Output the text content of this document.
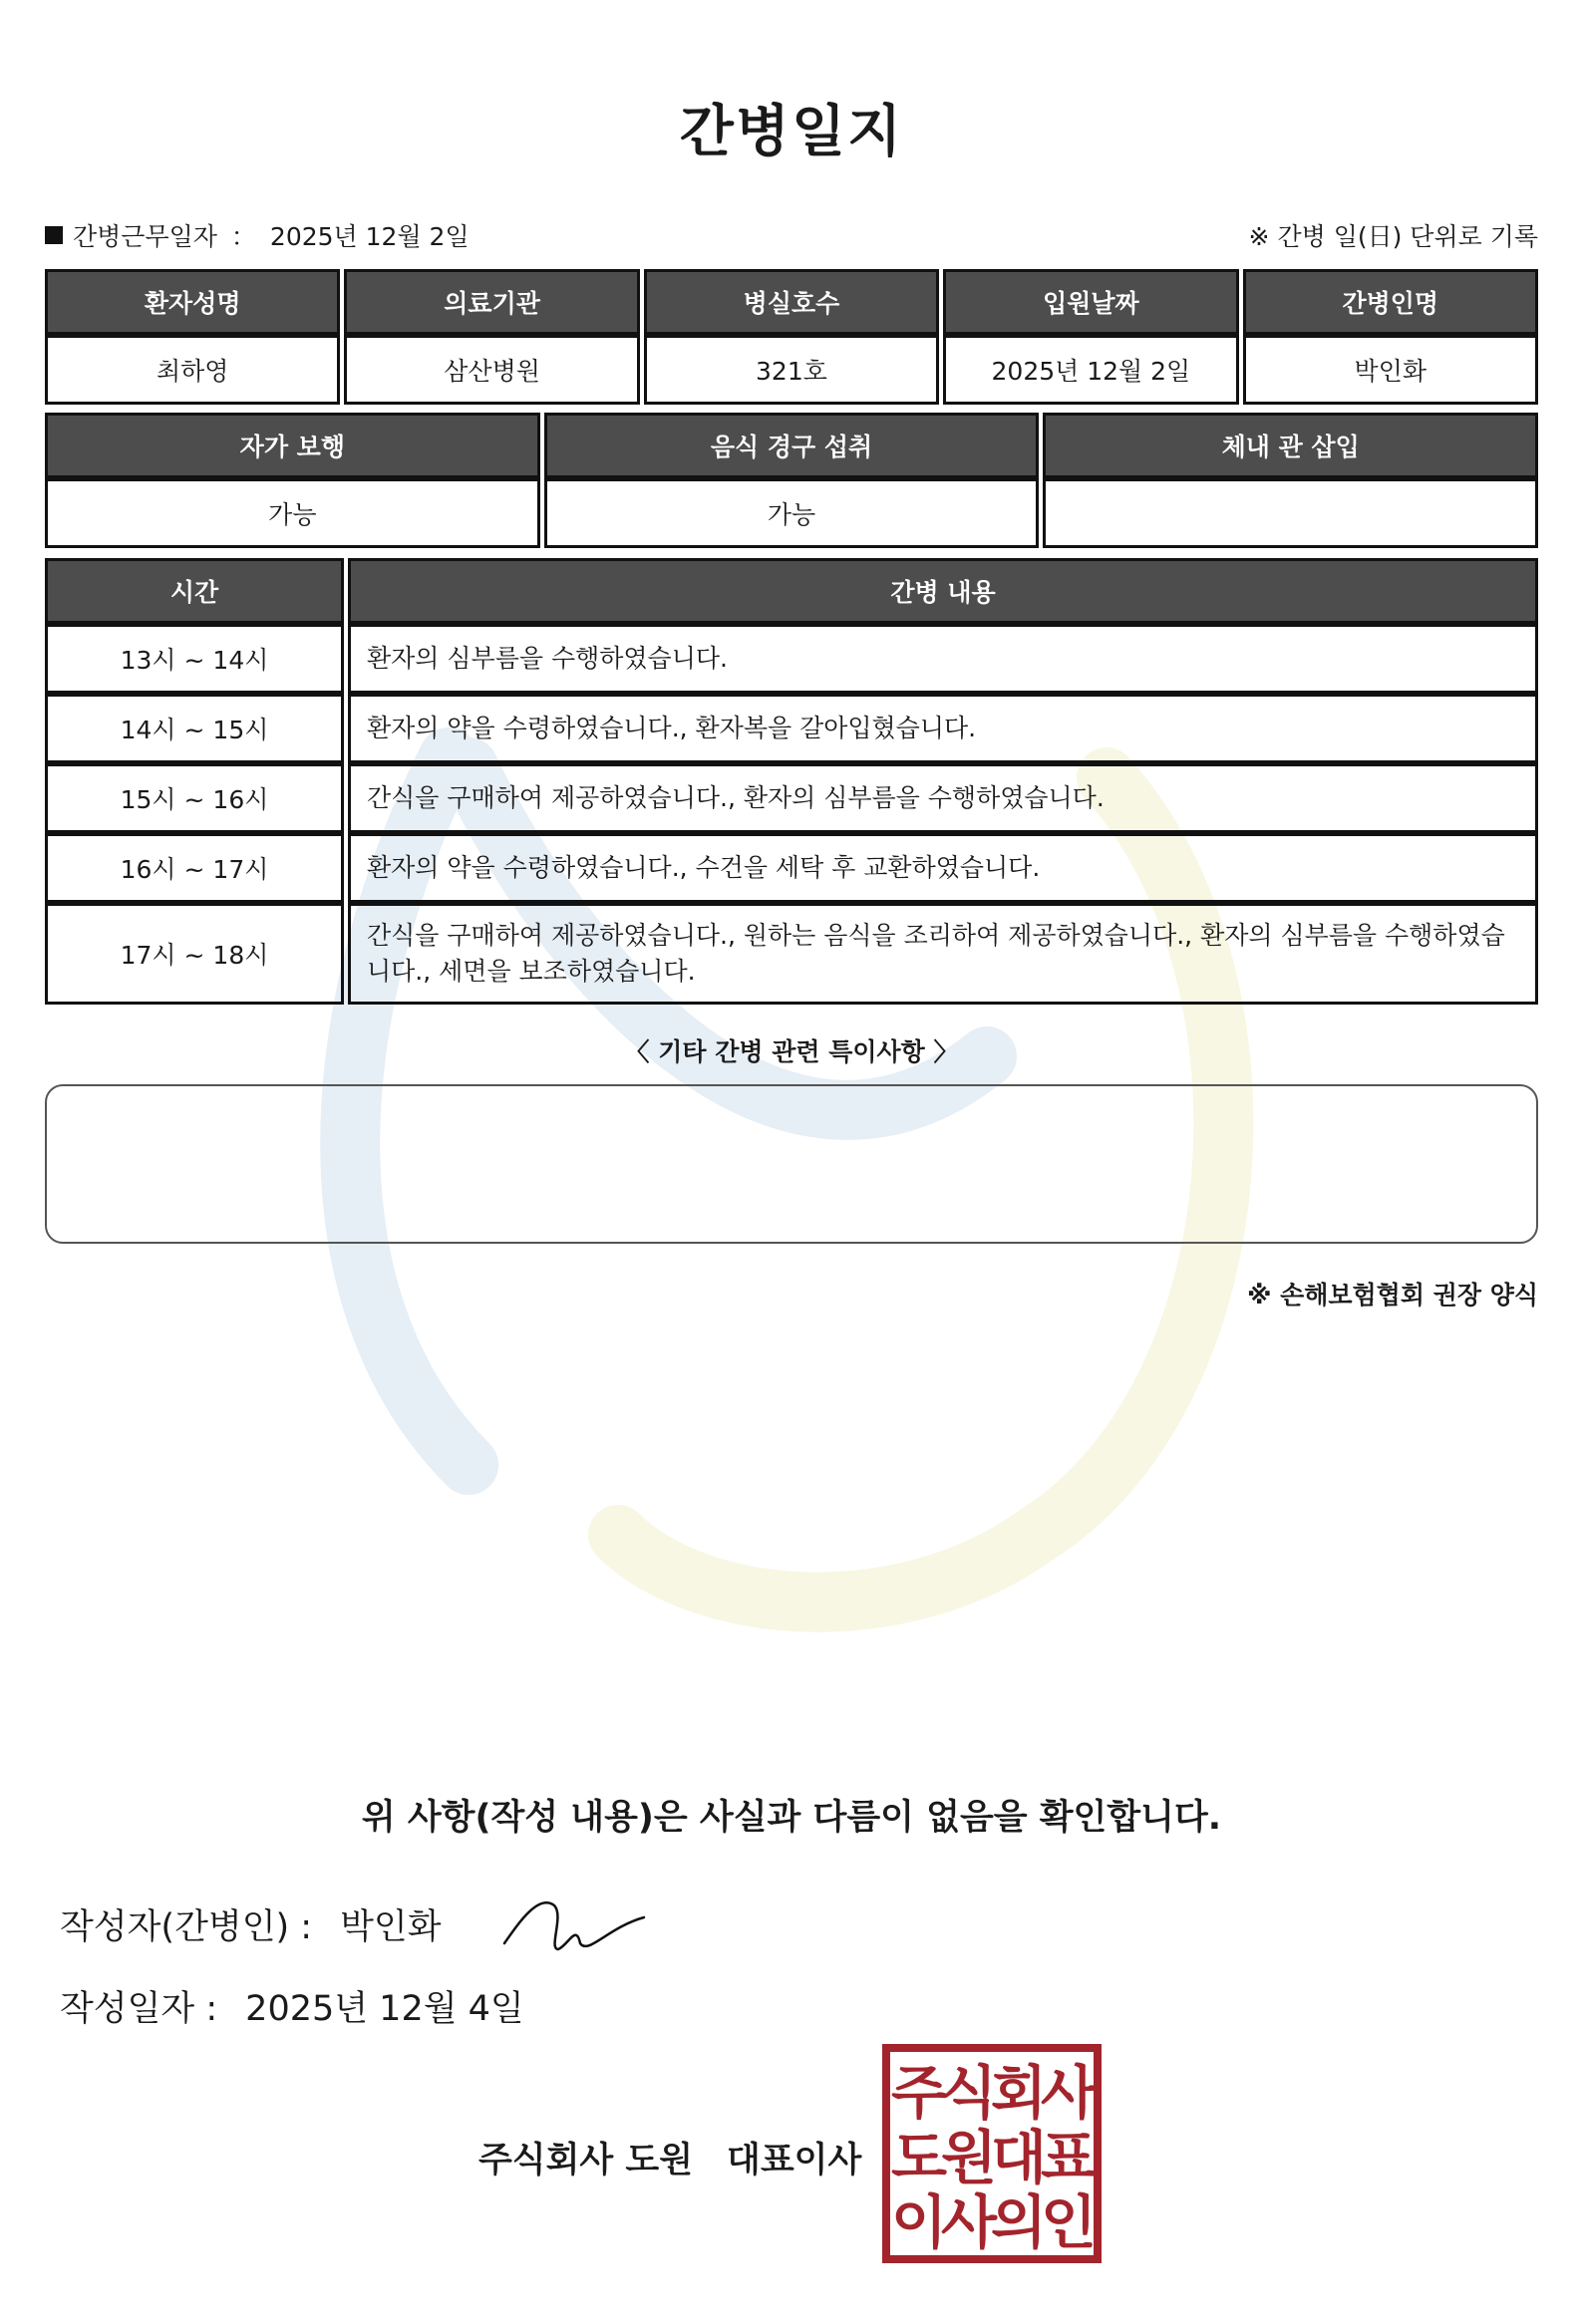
간병일지
간병근무일자 ： 2025년 12월 2일	※ 간병 일(日) 단위로 기록
환자성명	의료기관	병실호수	입원날짜	간병인명
최하영	삼산병원	321호	2025년 12월 2일	박인화
자가 보행	음식 경구 섭취	체내 관 삽입
가능	가능	
시간	간병 내용
13시 ~ 14시	환자의 심부름을 수행하였습니다.
14시 ~ 15시	환자의 약을 수령하였습니다., 환자복을 갈아입혔습니다.
15시 ~ 16시	간식을 구매하여 제공하였습니다., 환자의 심부름을 수행하였습니다.
16시 ~ 17시	환자의 약을 수령하였습니다., 수건을 세탁 후 교환하였습니다.
17시 ~ 18시	간식을 구매하여 제공하였습니다., 원하는 음식을 조리하여 제공하였습니다., 환자의 심부름을 수행하였습니다., 세면을 보조하였습니다.
〈 기타 간병 관련 특이사항 〉
※ 손해보험협회 권장 양식
위 사항(작성 내용)은 사실과 다름이 없음을 확인합니다.
작성자(간병인) : 박인화
작성일자 : 2025년 12월 4일
주식회사 도원 대표이사
주
식
회
사
도
원
대
표
이
사
의
인
